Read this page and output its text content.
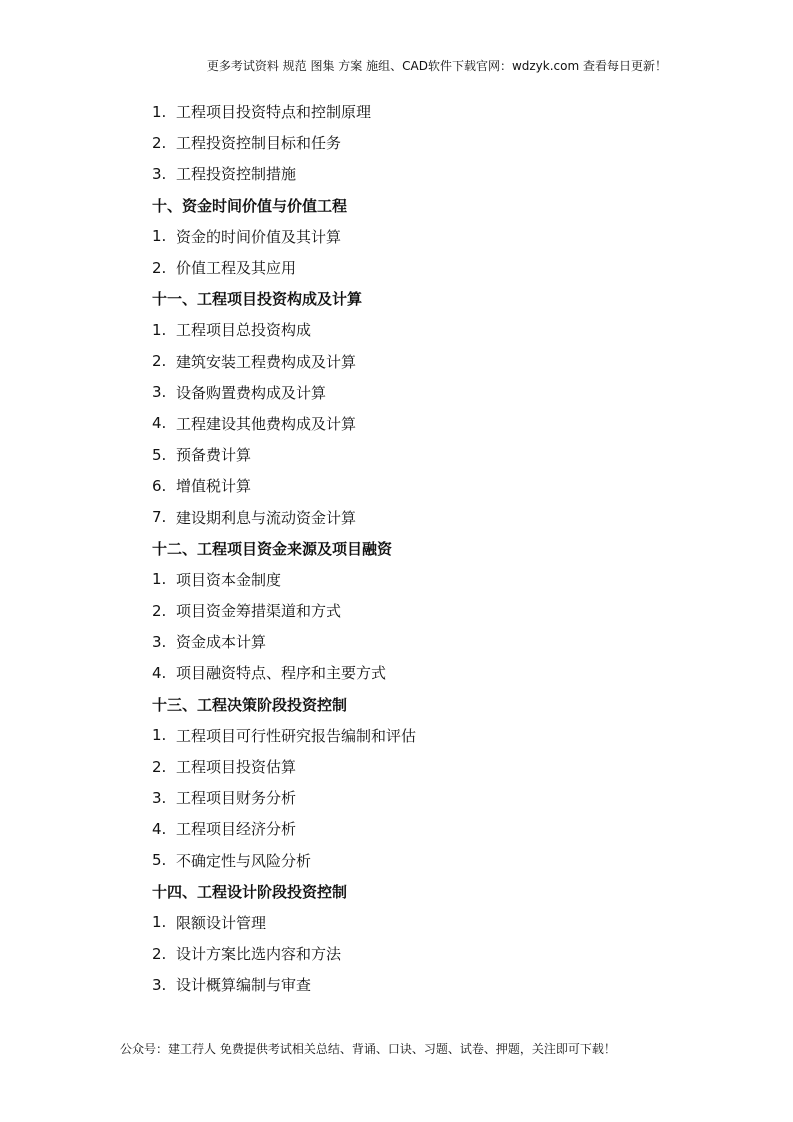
更多考试资料 规范 图集 方案 施组、CAD软件下载官网：wdzyk.com 查看每日更新！
1. 工程项目投资特点和控制原理
2. 工程投资控制目标和任务
3. 工程投资控制措施
十、资金时间价值与价值工程
1. 资金的时间价值及其计算
2. 价值工程及其应用
十一、工程项目投资构成及计算
1. 工程项目总投资构成
2. 建筑安装工程费构成及计算
3. 设备购置费构成及计算
4. 工程建设其他费构成及计算
5. 预备费计算
6. 增值税计算
7. 建设期利息与流动资金计算
十二、工程项目资金来源及项目融资
1. 项目资本金制度
2. 项目资金筹措渠道和方式
3. 资金成本计算
4. 项目融资特点、程序和主要方式
十三、工程决策阶段投资控制
1. 工程项目可行性研究报告编制和评估
2. 工程项目投资估算
3. 工程项目财务分析
4. 工程项目经济分析
5. 不确定性与风险分析
十四、工程设计阶段投资控制
1. 限额设计管理
2. 设计方案比选内容和方法
3. 设计概算编制与审查
公众号：建工荇人 免费提供考试相关总结、背诵、口诀、习题、试卷、押题，关注即可下载！
